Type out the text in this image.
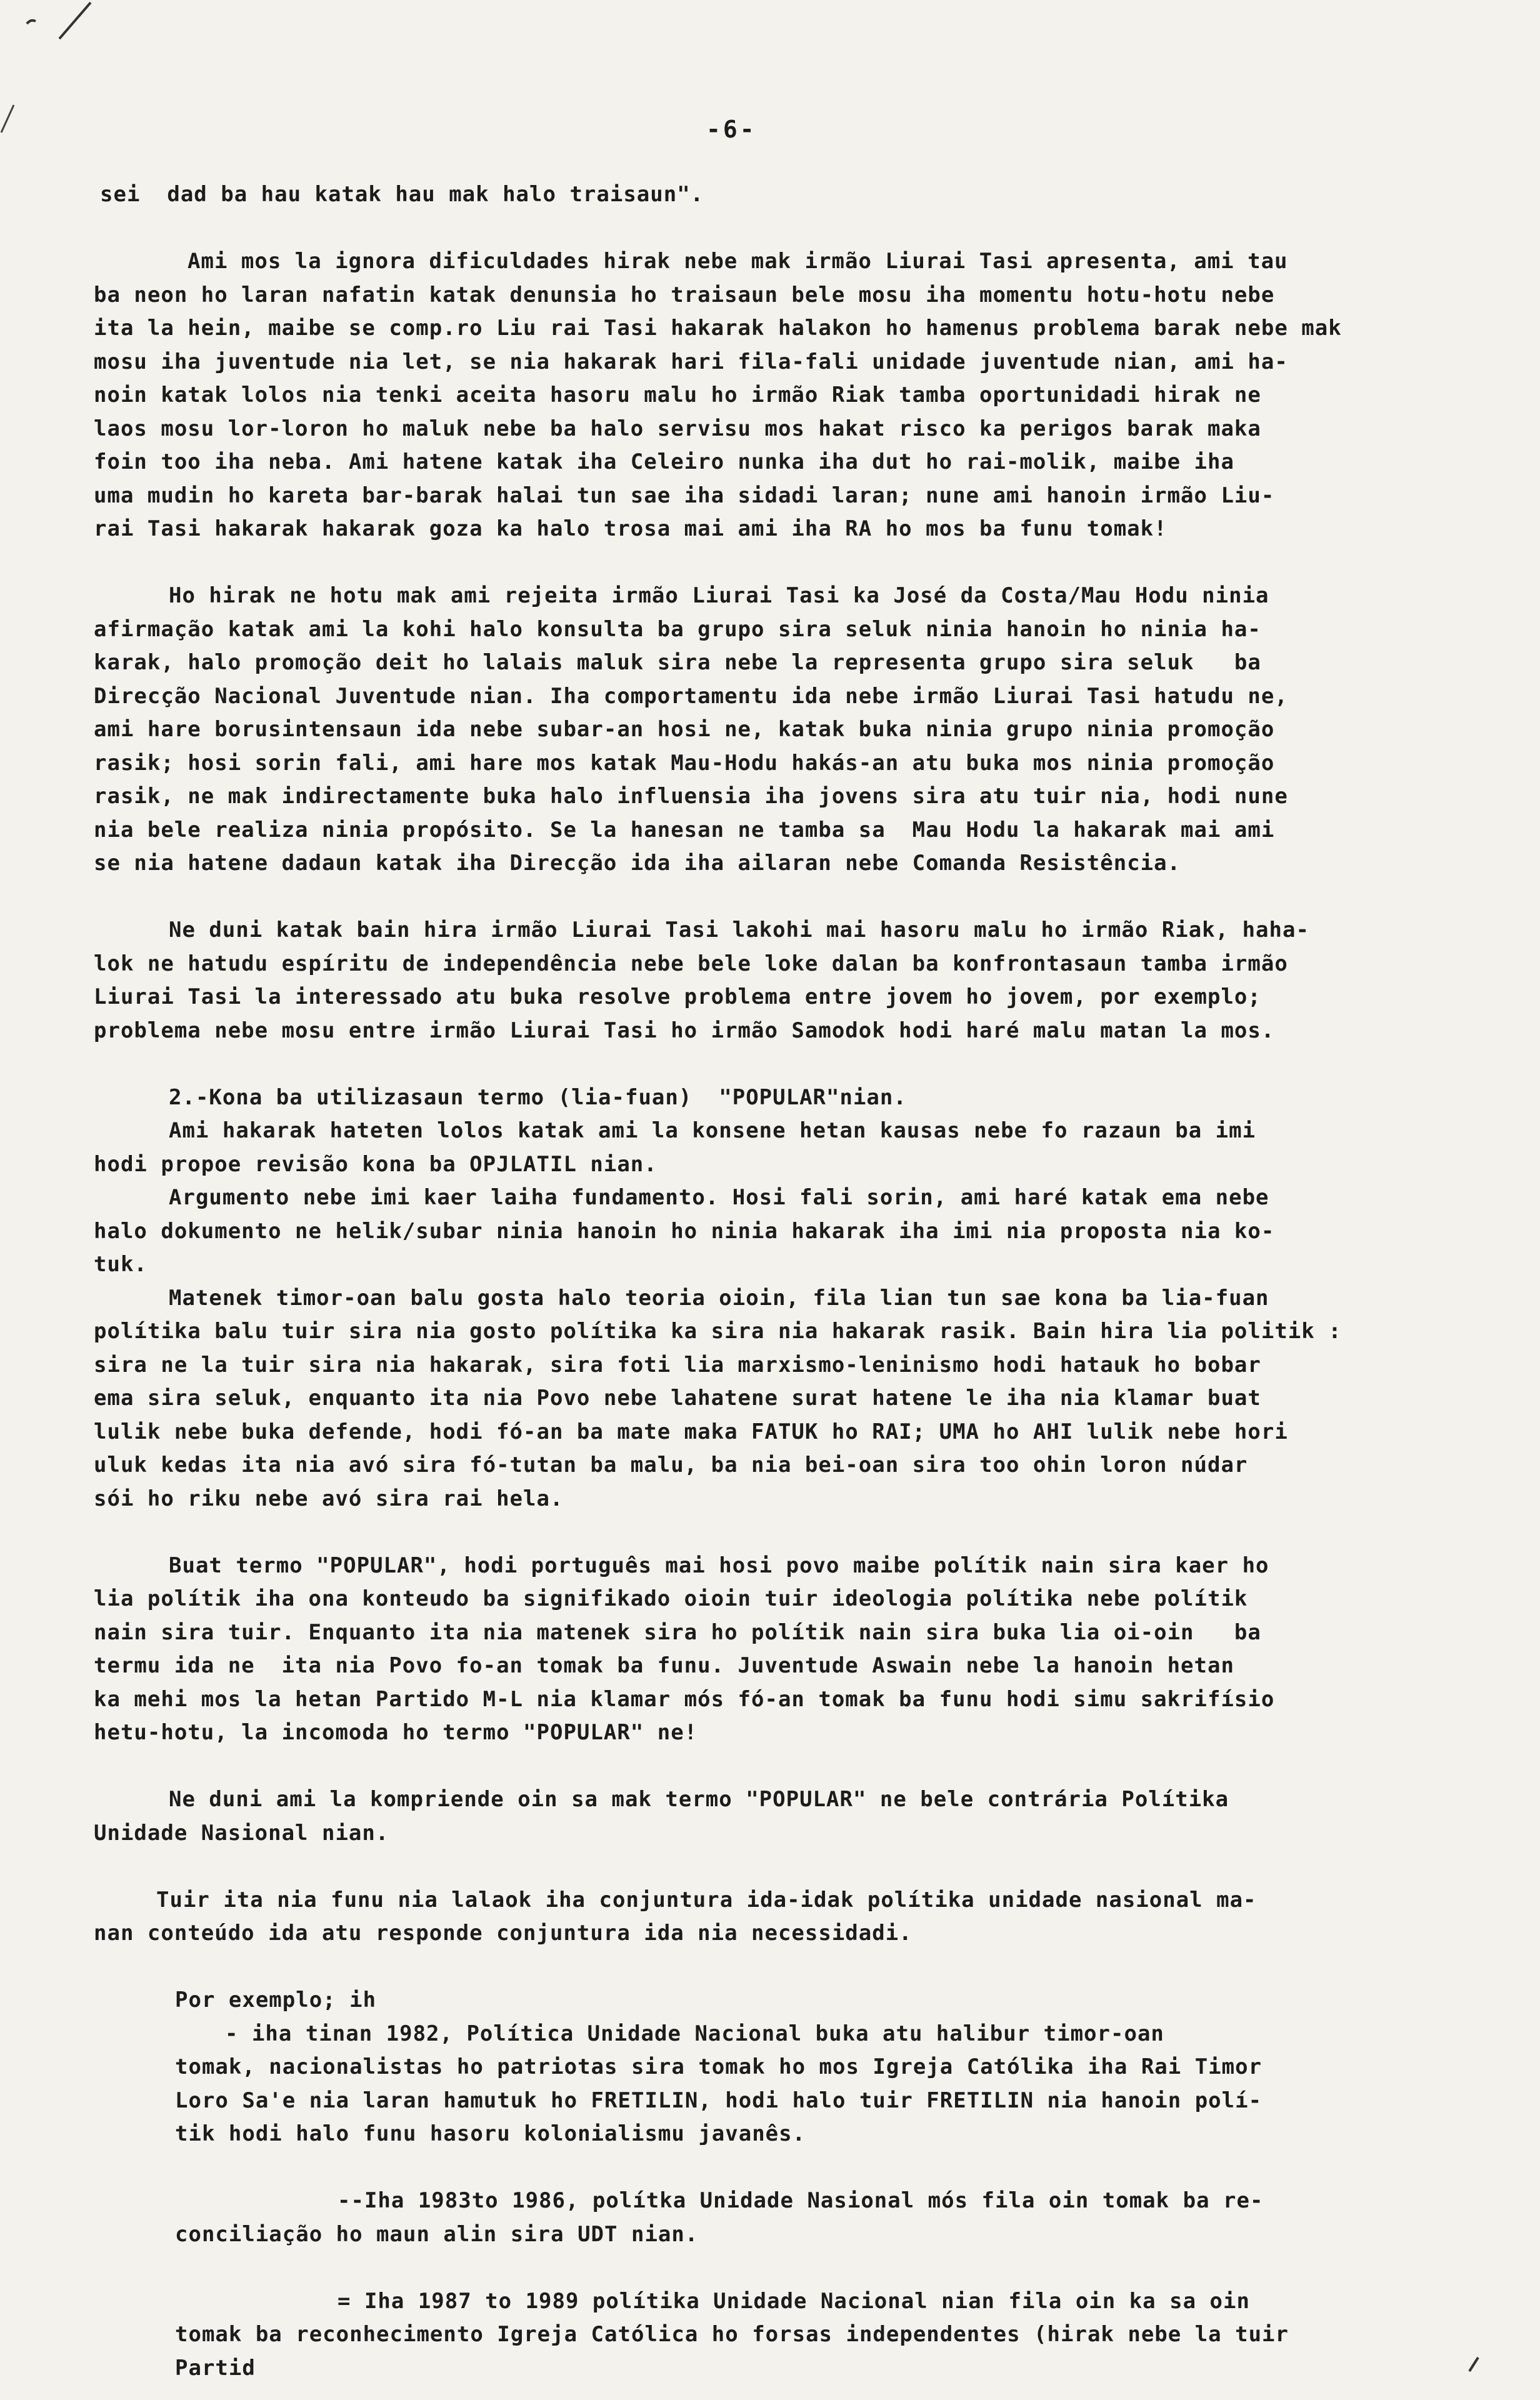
-6-
sei  dad ba hau katak hau mak halo traisaun".
Ami mos la ignora dificuldades hirak nebe mak irmão Liurai Tasi apresenta, ami tau
ba neon ho laran nafatin katak denunsia ho traisaun bele mosu iha momentu hotu-hotu nebe
ita la hein, maibe se comp.ro Liu rai Tasi hakarak halakon ho hamenus problema barak nebe mak
mosu iha juventude nia let, se nia hakarak hari fila-fali unidade juventude nian, ami ha-
noin katak lolos nia tenki aceita hasoru malu ho irmão Riak tamba oportunidadi hirak ne
laos mosu lor-loron ho maluk nebe ba halo servisu mos hakat risco ka perigos barak maka
foin too iha neba. Ami hatene katak iha Celeiro nunka iha dut ho rai-molik, maibe iha
uma mudin ho kareta bar-barak halai tun sae iha sidadi laran; nune ami hanoin irmão Liu-
rai Tasi hakarak hakarak goza ka halo trosa mai ami iha RA ho mos ba funu tomak!
Ho hirak ne hotu mak ami rejeita irmão Liurai Tasi ka José da Costa/Mau Hodu ninia
afirmação katak ami la kohi halo konsulta ba grupo sira seluk ninia hanoin ho ninia ha-
karak, halo promoção deit ho lalais maluk sira nebe la representa grupo sira seluk   ba
Direcção Nacional Juventude nian. Iha comportamentu ida nebe irmão Liurai Tasi hatudu ne,
ami hare borusintensaun ida nebe subar-an hosi ne, katak buka ninia grupo ninia promoção
rasik; hosi sorin fali, ami hare mos katak Mau-Hodu hakás-an atu buka mos ninia promoção
rasik, ne mak indirectamente buka halo influensia iha jovens sira atu tuir nia, hodi nune
nia bele realiza ninia propósito. Se la hanesan ne tamba sa  Mau Hodu la hakarak mai ami
se nia hatene dadaun katak iha Direcção ida iha ailaran nebe Comanda Resistência.
Ne duni katak bain hira irmão Liurai Tasi lakohi mai hasoru malu ho irmão Riak, haha-
lok ne hatudu espíritu de independência nebe bele loke dalan ba konfrontasaun tamba irmão
Liurai Tasi la interessado atu buka resolve problema entre jovem ho jovem, por exemplo;
problema nebe mosu entre irmão Liurai Tasi ho irmão Samodok hodi haré malu matan la mos.
2.-Kona ba utilizasaun termo (lia-fuan)  "POPULAR"nian.
Ami hakarak hateten lolos katak ami la konsene hetan kausas nebe fo razaun ba imi
hodi propoe revisão kona ba OPJLATIL nian.
Argumento nebe imi kaer laiha fundamento. Hosi fali sorin, ami haré katak ema nebe
halo dokumento ne helik/subar ninia hanoin ho ninia hakarak iha imi nia proposta nia ko-
tuk.
Matenek timor-oan balu gosta halo teoria oioin, fila lian tun sae kona ba lia-fuan
polítika balu tuir sira nia gosto polítika ka sira nia hakarak rasik. Bain hira lia politik :
sira ne la tuir sira nia hakarak, sira foti lia marxismo-leninismo hodi hatauk ho bobar
ema sira seluk, enquanto ita nia Povo nebe lahatene surat hatene le iha nia klamar buat
lulik nebe buka defende, hodi fó-an ba mate maka FATUK ho RAI; UMA ho AHI lulik nebe hori
uluk kedas ita nia avó sira fó-tutan ba malu, ba nia bei-oan sira too ohin loron núdar
sói ho riku nebe avó sira rai hela.
Buat termo "POPULAR", hodi português mai hosi povo maibe polítik nain sira kaer ho
lia polítik iha ona konteudo ba signifikado oioin tuir ideologia polítika nebe polítik
nain sira tuir. Enquanto ita nia matenek sira ho polítik nain sira buka lia oi-oin   ba
termu ida ne  ita nia Povo fo-an tomak ba funu. Juventude Aswain nebe la hanoin hetan
ka mehi mos la hetan Partido M-L nia klamar mós fó-an tomak ba funu hodi simu sakrifísio
hetu-hotu, la incomoda ho termo "POPULAR" ne!
Ne duni ami la kompriende oin sa mak termo "POPULAR" ne bele contrária Polítika
Unidade Nasional nian.
Tuir ita nia funu nia lalaok iha conjuntura ida-idak polítika unidade nasional ma-
nan conteúdo ida atu responde conjuntura ida nia necessidadi.
Por exemplo; ih
- iha tinan 1982, Política Unidade Nacional buka atu halibur timor-oan
tomak, nacionalistas ho patriotas sira tomak ho mos Igreja Católika iha Rai Timor
Loro Sa'e nia laran hamutuk ho FRETILIN, hodi halo tuir FRETILIN nia hanoin polí-
tik hodi halo funu hasoru kolonialismu javanês.
--Iha 1983to 1986, polítka Unidade Nasional mós fila oin tomak ba re-
conciliação ho maun alin sira UDT nian.
= Iha 1987 to 1989 polítika Unidade Nacional nian fila oin ka sa oin
tomak ba reconhecimento Igreja Católica ho forsas independentes (hirak nebe la tuir
Partid
